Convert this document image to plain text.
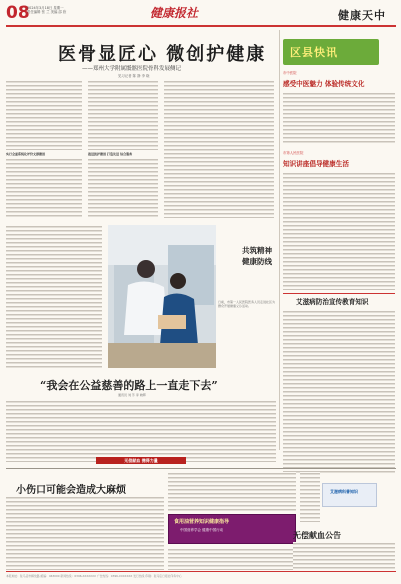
08
2024年3月18日 星期一
责任编辑 张 兰 美编 邵 欣	健康报社	健康天中
医骨显匠心 微创护健康
——郑州大学附属骶髂医院骨科发展侧记
见习记者 陈 静 李 晓
实行全面系统化评价支撑微创	推进医护微创 打造先进 综合服务
区县快讯
市中医院
感受中医魅力 体验传统文化
市第人民医院
知识讲座倡导健康生活
艾滋病防治宣传教育知识
共筑精神健康防线
日前，市第一人民医院医务人员走进社区为群众开展健康义诊活动。
“我会在公益慈善的路上一直走下去”
通讯员 刘 芳 李 晓辉
无偿献血 携得力量
小伤口可能会造成大麻烦
食用油营养知识健康指导
中国营养学会 健康中国行动
艾滋病科普知识
无偿献血公告
本报地址：驻马店市解放路 邮编：463000 新闻热线：0396-XXXXXXX 广告热线：0396-XXXXXXX 发行热线 印刷：驻马店日报社印务中心
